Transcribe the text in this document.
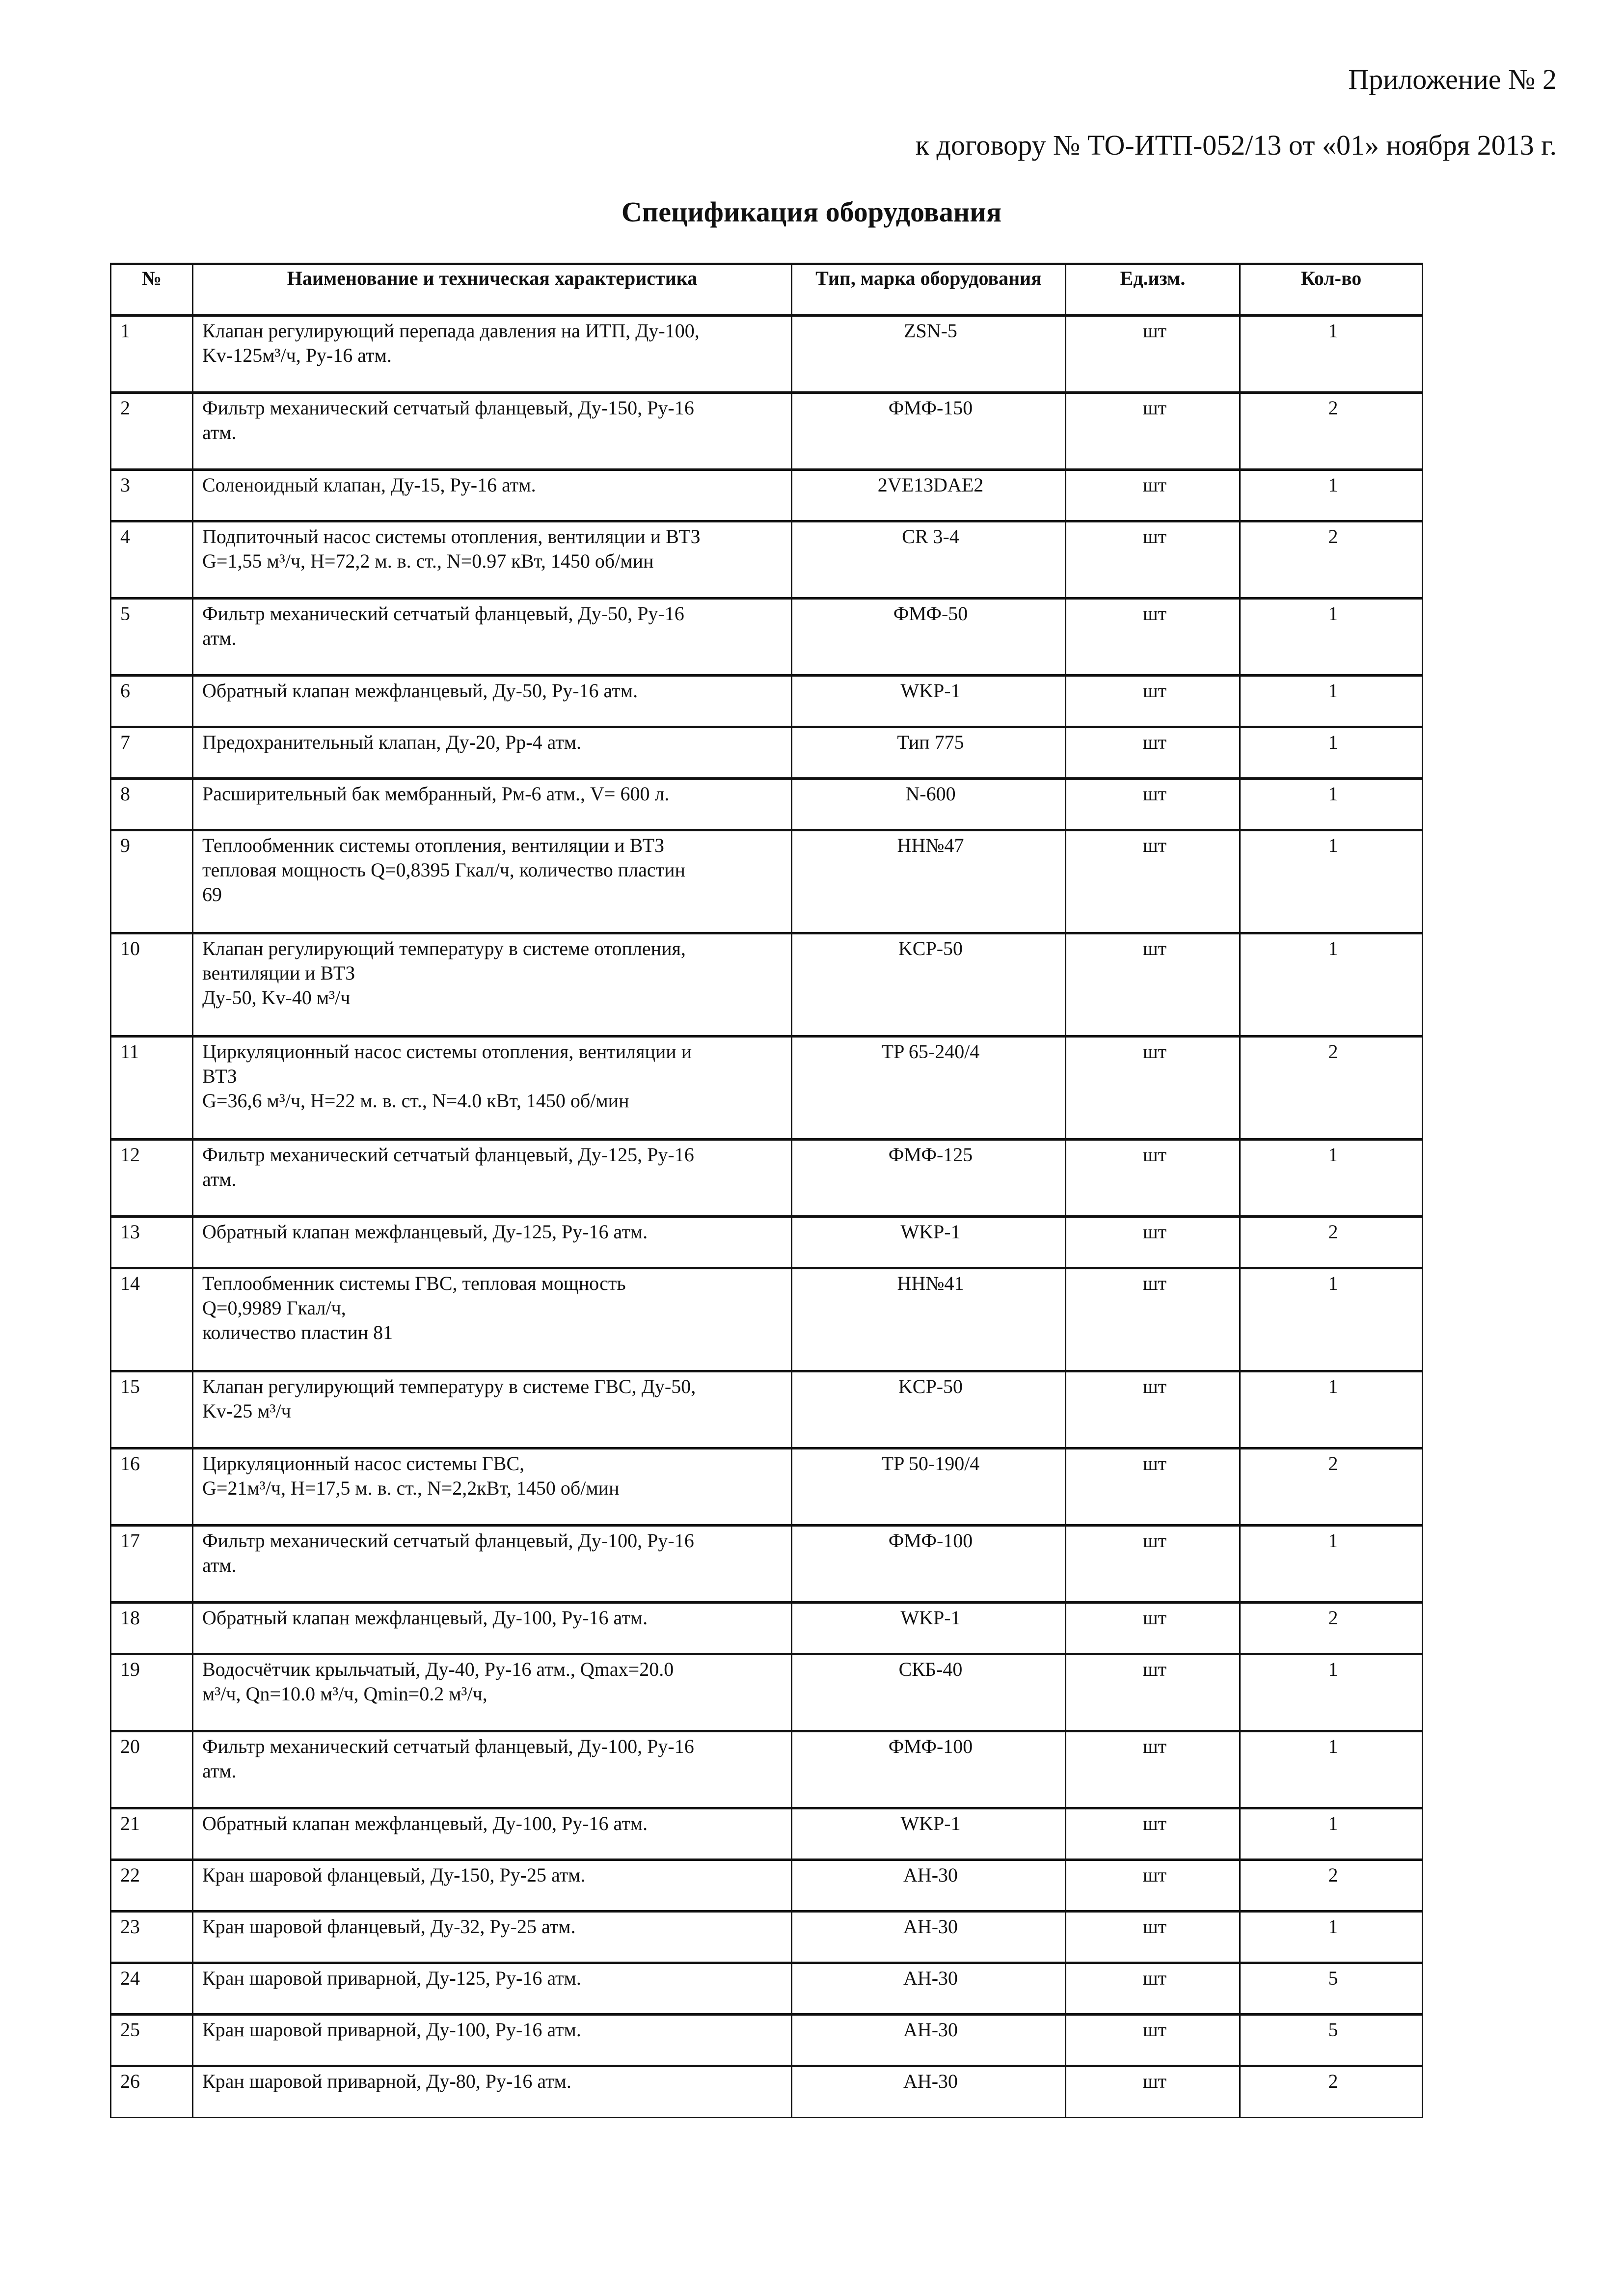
Приложение № 2
к договору № ТО-ИТП-052/13 от «01» ноября 2013 г.
Спецификация оборудования
№	Наименование и техническая характеристика	Тип, марка оборудования	Ед.изм.	Кол-во
1	Клапан регулирующий перепада давления на ИТП, Ду-100,
Kv-125м³/ч, Ру-16 атм.	ZSN-5	шт	1
2	Фильтр механический сетчатый фланцевый, Ду-150, Ру-16
атм.	ФМФ-150	шт	2
3	Соленоидный клапан, Ду-15, Ру-16 атм.	2VE13DAE2	шт	1
4	Подпиточный насос системы отопления, вентиляции и ВТЗ
G=1,55 м³/ч, H=72,2 м. в. ст., N=0.97 кВт, 1450 об/мин	CR 3-4	шт	2
5	Фильтр механический сетчатый фланцевый, Ду-50, Ру-16
атм.	ФМФ-50	шт	1
6	Обратный клапан межфланцевый, Ду-50, Ру-16 атм.	WKP-1	шт	1
7	Предохранительный клапан, Ду-20, Рр-4 атм.	Тип 775	шт	1
8	Расширительный бак мембранный, Рм-6 атм., V= 600 л.	N-600	шт	1
9	Теплообменник системы отопления, вентиляции и ВТЗ
тепловая мощность Q=0,8395 Гкал/ч, количество пластин
69	HH№47	шт	1
10	Клапан регулирующий температуру в системе отопления,
вентиляции и ВТЗ
Ду-50, Kv-40 м³/ч	KCP-50	шт	1
11	Циркуляционный насос системы отопления, вентиляции и
ВТЗ
G=36,6 м³/ч, H=22 м. в. ст., N=4.0 кВт, 1450 об/мин	TP 65-240/4	шт	2
12	Фильтр механический сетчатый фланцевый, Ду-125, Ру-16
атм.	ФМФ-125	шт	1
13	Обратный клапан межфланцевый, Ду-125, Ру-16 атм.	WKP-1	шт	2
14	Теплообменник системы ГВС, тепловая мощность
Q=0,9989 Гкал/ч,
количество пластин 81	HH№41	шт	1
15	Клапан регулирующий температуру в системе ГВС, Ду-50,
Kv-25 м³/ч	KCP-50	шт	1
16	Циркуляционный насос системы ГВС,
G=21м³/ч, H=17,5 м. в. ст., N=2,2кВт, 1450 об/мин	TP 50-190/4	шт	2
17	Фильтр механический сетчатый фланцевый, Ду-100, Ру-16
атм.	ФМФ-100	шт	1
18	Обратный клапан межфланцевый, Ду-100, Ру-16 атм.	WKP-1	шт	2
19	Водосчётчик крыльчатый, Ду-40, Ру-16 атм., Qmax=20.0
м³/ч, Qn=10.0 м³/ч, Qmin=0.2 м³/ч,	СКБ-40	шт	1
20	Фильтр механический сетчатый фланцевый, Ду-100, Ру-16
атм.	ФМФ-100	шт	1
21	Обратный клапан межфланцевый, Ду-100, Ру-16 атм.	WKP-1	шт	1
22	Кран шаровой фланцевый, Ду-150, Ру-25 атм.	AH-30	шт	2
23	Кран шаровой фланцевый, Ду-32, Ру-25 атм.	AH-30	шт	1
24	Кран шаровой приварной, Ду-125, Ру-16 атм.	AH-30	шт	5
25	Кран шаровой приварной, Ду-100, Ру-16 атм.	AH-30	шт	5
26	Кран шаровой приварной, Ду-80, Ру-16 атм.	AH-30	шт	2
